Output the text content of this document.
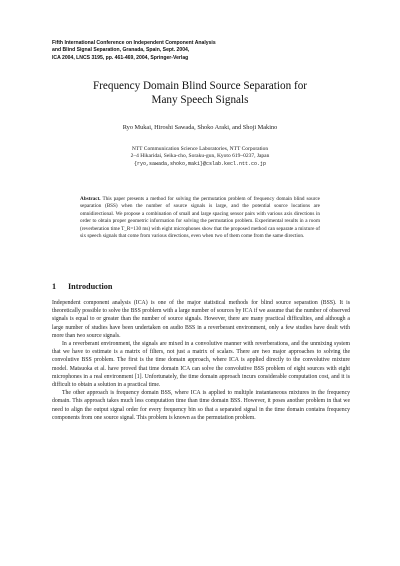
Fifth International Conference on Independent Component Analysis
and Blind Signal Separation, Granada, Spain, Sept. 2004,
ICA 2004, LNCS 3195, pp. 461-469, 2004, Springer-Verlag
Frequency Domain Blind Source Separation for
Many Speech Signals
Ryo Mukai, Hiroshi Sawada, Shoko Araki, and Shoji Makino
NTT Communication Science Laboratories, NTT Corporation
2–4 Hikaridai, Seika-cho, Soraku-gun, Kyoto 619–0237, Japan
{ryo,sawada,shoko,maki}@cslab.kecl.ntt.co.jp
Abstract. This paper presents a method for solving the permutation problem of frequency domain blind source separation (BSS) when the number of source signals is large, and the potential source locations are omnidirectional. We propose a combination of small and large spacing sensor pairs with various axis directions in order to obtain proper geometric information for solving the permutation problem. Experimental results in a room (reverberation time T_R=130 ms) with eight microphones show that the proposed method can separate a mixture of six speech signals that come from various directions, even when two of them come from the same direction.
1 Introduction

Independent component analysis (ICA) is one of the major statistical methods for blind source separation (BSS). It is theoretically possible to solve the BSS problem with a large number of sources by ICA if we assume that the number of observed signals is equal to or greater than the number of source signals. However, there are many practical difficulties, and although a large number of studies have been undertaken on audio BSS in a reverberant environment, only a few studies have dealt with more than two source signals.

In a reverberant environment, the signals are mixed in a convolutive manner with reverberations, and the unmixing system that we have to estimate is a matrix of filters, not just a matrix of scalars. There are two major approaches to solving the convolutive BSS problem. The first is the time domain approach, where ICA is applied directly to the convolutive mixture model. Matsuoka et al. have proved that time domain ICA can solve the convolutive BSS problem of eight sources with eight microphones in a real environment [1]. Unfortunately, the time domain approach incurs considerable computation cost, and it is difficult to obtain a solution in a practical time.

The other approach is frequency domain BSS, where ICA is applied to multiple instantaneous mixtures in the frequency domain. This approach takes much less computation time than time domain BSS. However, it poses another problem in that we need to align the output signal order for every frequency bin so that a separated signal in the time domain contains frequency components from one source signal. This problem is known as the permutation problem.
